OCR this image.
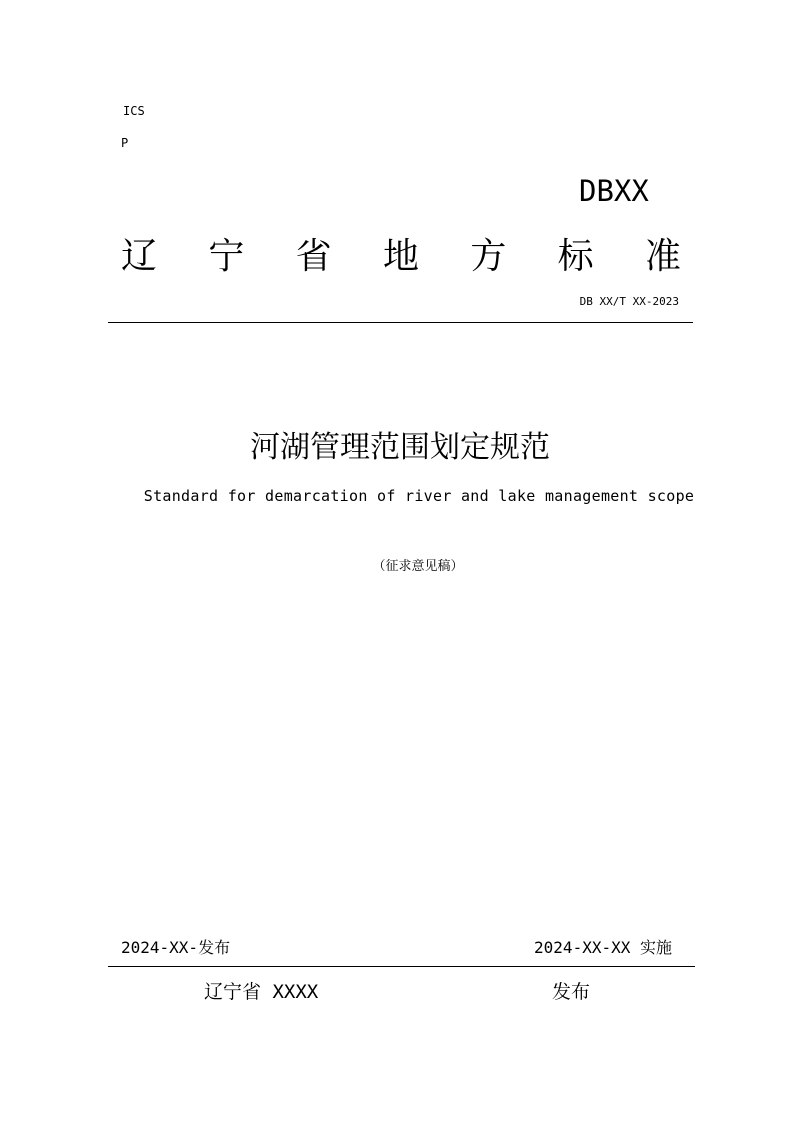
ICS
P
DBXX
辽 宁 省 地 方 标 准
DB XX/T XX-2023
河湖管理范围划定规范
Standard for demarcation of river and lake management scope
（征求意见稿）
2024-XX-发布	2024-XX-XX 实施
辽宁省 XXXX	发布
